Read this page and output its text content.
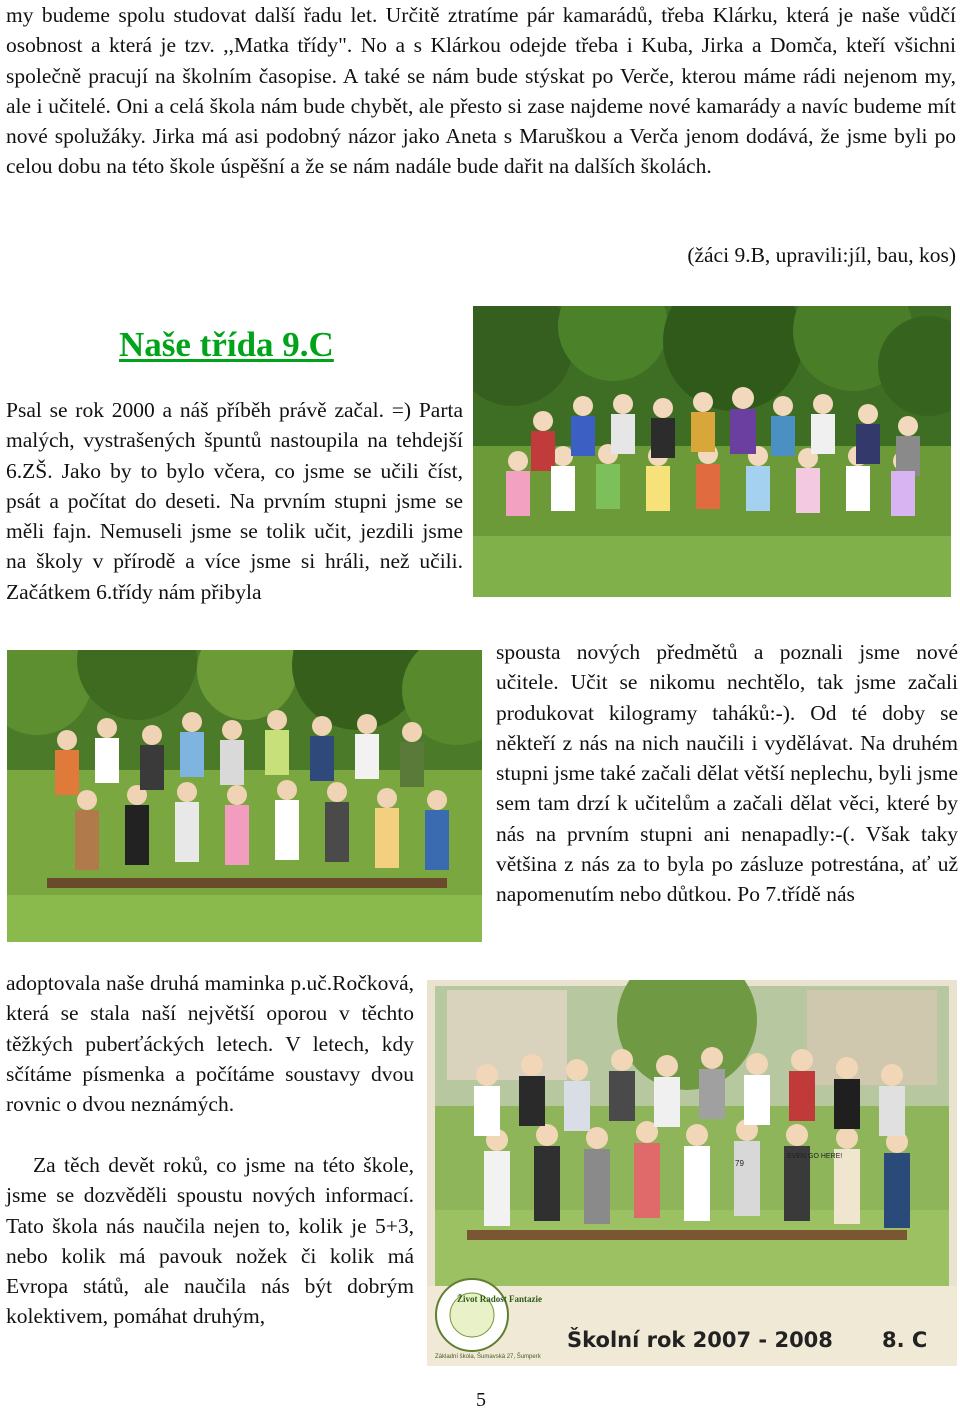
my budeme spolu studovat další řadu let. Určitě ztratíme pár kamarádů, třeba Klárku, která je naše vůdčí osobnost a která je tzv. ,,Matka třídy". No a s Klárkou odejde třeba i Kuba, Jirka a Domča, kteří všichni společně pracují na školním časopise. A také se nám bude stýskat po Verče, kterou máme rádi nejenom my, ale i učitelé. Oni a celá škola nám bude chybět, ale přesto si zase najdeme nové kamarády a navíc budeme mít nové spolužáky. Jirka má asi podobný názor jako Aneta s Maruškou a Verča jenom dodává, že jsme byli po celou dobu na této škole úspěšní a že se nám nadále bude dařit na dalších školách.

(žáci 9.B, upravili:jíl, bau, kos)
Naše třída 9.C

Psal se rok 2000 a náš příběh právě začal. =) Parta malých, vystrašených špuntů nastoupila na tehdejší 6.ZŠ. Jako by to bylo včera, co jsme se učili číst, psát a počítat do deseti. Na prvním stupni jsme se měli fajn. Nemuseli jsme se tolik učit, jezdili jsme na školy v přírodě a více jsme si hráli, než učili. Začátkem 6.třídy nám přibyla

spousta nových předmětů a poznali jsme nové učitele. Učit se nikomu nechtělo, tak jsme začali produkovat kilogramy taháků:-). Od té doby se někteří z nás na nich naučili i vydělávat. Na druhém stupni jsme také začali dělat větší neplechu, byli jsme sem tam drzí k učitelům a začali dělat věci, které by nás na prvním stupni ani nenapadly:-(. Však taky většina z nás za to byla po zásluze potrestána, ať už napomenutím nebo důtkou. Po 7.třídě nás

adoptovala naše druhá maminka p.uč.Ročková, která se stala naší největší oporou v těchto těžkých puberťáckých letech. V letech, kdy sčítáme písmenka a počítáme soustavy dvou rovnic o dvou neznámých.

Za těch devět roků, co jsme na této škole, jsme se dozvěděli spoustu nových informací. Tato škola nás naučila nejen to, kolik je 5+3, nebo kolik má pavouk nožek či kolik má Evropa států, ale naučila nás být dobrým kolektivem, pomáhat druhým,

79
EVEN GO HERE!
Život Radost Fantazie
Základní škola, Šumavská 27, Šumperk
Školní rok 2007 - 2008 8. C
5
